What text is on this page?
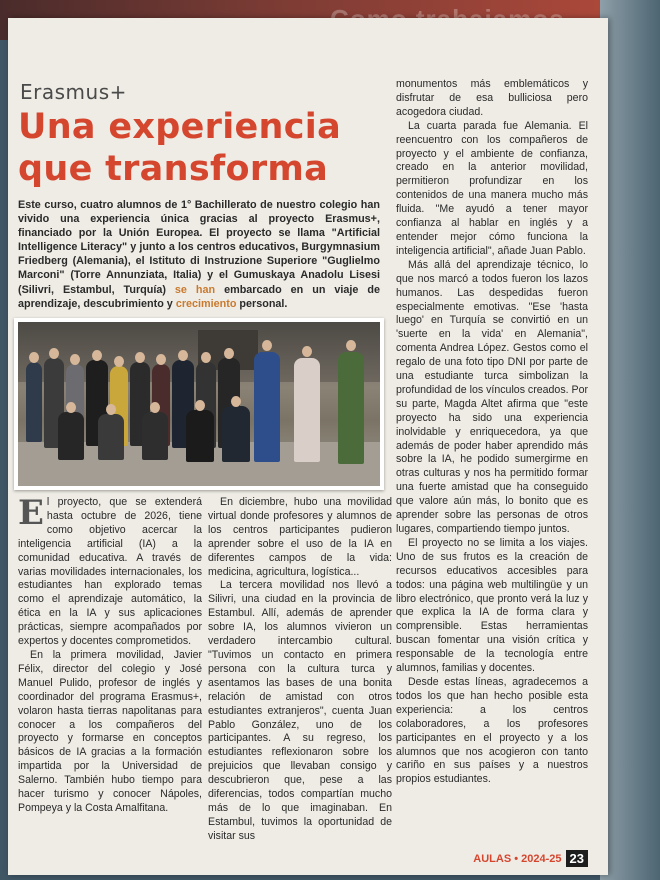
Erasmus+
Una experiencia
que transforma
Este curso, cuatro alumnos de 1° Bachillerato de nuestro colegio han vivido una experiencia única gracias al proyecto Erasmus+, financiado por la Unión Europea. El proyecto se llama "Artificial Intelligence Literacy" y junto a los centros educativos, Burgymnasium Friedberg (Alemania), el Istituto di Instruzione Superiore "Guglielmo Marconi" (Torre Annunziata, Italia) y el Gumuskaya Anadolu Lisesi (Silivri, Estambul, Turquía) se han embarcado en un viaje de aprendizaje, descubrimiento y crecimiento personal.

El proyecto, que se extenderá hasta octubre de 2026, tiene como objetivo acercar la inteligencia artificial (IA) a la comunidad educativa. A través de varias movilidades internacionales, los estudiantes han explorado temas como el aprendizaje automático, la ética en la IA y sus aplicaciones prácticas, siempre acompañados por expertos y docentes comprometidos.

En la primera movilidad, Javier Félix, director del colegio y José Manuel Pulido, profesor de inglés y coordinador del programa Erasmus+, volaron hasta tierras napolitanas para conocer a los compañeros del proyecto y formarse en conceptos básicos de IA gracias a la formación impartida por la Universidad de Salerno. También hubo tiempo para hacer turismo y conocer Nápoles, Pompeya y la Costa Amalfitana.

En diciembre, hubo una movilidad virtual donde profesores y alumnos de los centros participantes pudieron aprender sobre el uso de la IA en diferentes campos de la vida: medicina, agricultura, logística...

La tercera movilidad nos llevó a Silivri, una ciudad en la provincia de Estambul. Allí, además de aprender sobre IA, los alumnos vivieron un verdadero intercambio cultural. "Tuvimos un contacto en primera persona con la cultura turca y asentamos las bases de una bonita relación de amistad con otros estudiantes extranjeros", cuenta Juan Pablo González, uno de los participantes. A su regreso, los estudiantes reflexionaron sobre los prejuicios que llevaban consigo y descubrieron que, pese a las diferencias, todos compartían mucho más de lo que imaginaban. En Estambul, tuvimos la oportunidad de visitar sus

monumentos más emblemáticos y disfrutar de esa bulliciosa pero acogedora ciudad.

La cuarta parada fue Alemania. El reencuentro con los compañeros de proyecto y el ambiente de confianza, creado en la anterior movilidad, permitieron profundizar en los contenidos de una manera mucho más fluida. "Me ayudó a tener mayor confianza al hablar en inglés y a entender mejor cómo funciona la inteligencia artificial", añade Juan Pablo.

Más allá del aprendizaje técnico, lo que nos marcó a todos fueron los lazos humanos. Las despedidas fueron especialmente emotivas. "Ese 'hasta luego' en Turquía se convirtió en un 'suerte en la vida' en Alemania", comenta Andrea López. Gestos como el regalo de una foto tipo DNI por parte de una estudiante turca simbolizan la profundidad de los vínculos creados. Por su parte, Magda Altet afirma que "este proyecto ha sido una experiencia inolvidable y enriquecedora, ya que además de poder haber aprendido más sobre la IA, he podido sumergirme en otras culturas y nos ha permitido formar una fuerte amistad que ha conseguido que valore aún más, lo bonito que es aprender sobre las personas de otros lugares, compartiendo tiempo juntos.

El proyecto no se limita a los viajes. Uno de sus frutos es la creación de recursos educativos accesibles para todos: una página web multilingüe y un libro electrónico, que pronto verá la luz y que explica la IA de forma clara y comprensible. Estas herramientas buscan fomentar una visión crítica y responsable de la tecnología entre alumnos, familias y docentes.

Desde estas líneas, agradecemos a todos los que han hecho posible esta experiencia: a los centros colaboradores, a los profesores participantes en el proyecto y a los alumnos que nos acogieron con tanto cariño en sus países y a nuestros propios estudiantes.

AULAS • 2024-25 23
